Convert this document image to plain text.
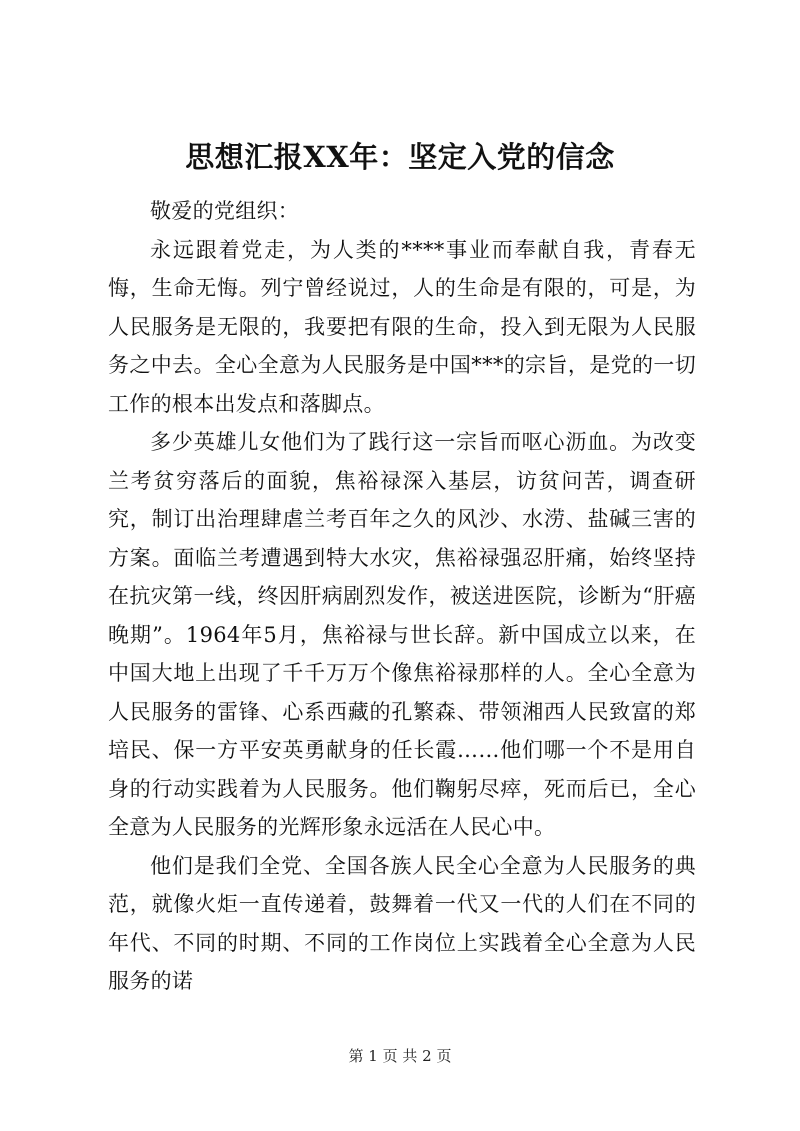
思想汇报XX年：坚定入党的信念

敬爱的党组织：

永远跟着党走，为人类的****事业而奉献自我，青春无悔，生命无悔。列宁曾经说过，人的生命是有限的，可是，为人民服务是无限的，我要把有限的生命，投入到无限为人民服务之中去。全心全意为人民服务是中国***的宗旨，是党的一切工作的根本出发点和落脚点。

多少英雄儿女他们为了践行这一宗旨而呕心沥血。为改变兰考贫穷落后的面貌，焦裕禄深入基层，访贫问苦，调查研究，制订出治理肆虐兰考百年之久的风沙、水涝、盐碱三害的方案。面临兰考遭遇到特大水灾，焦裕禄强忍肝痛，始终坚持在抗灾第一线，终因肝病剧烈发作，被送进医院，诊断为“肝癌晚期”。1964年5月，焦裕禄与世长辞。新中国成立以来，在中国大地上出现了千千万万个像焦裕禄那样的人。全心全意为人民服务的雷锋、心系西藏的孔繁森、带领湘西人民致富的郑培民、保一方平安英勇献身的任长霞……他们哪一个不是用自身的行动实践着为人民服务。他们鞠躬尽瘁，死而后已，全心全意为人民服务的光辉形象永远活在人民心中。

他们是我们全党、全国各族人民全心全意为人民服务的典范，就像火炬一直传递着，鼓舞着一代又一代的人们在不同的年代、不同的时期、不同的工作岗位上实践着全心全意为人民服务的诺

第 1 页 共 2 页
